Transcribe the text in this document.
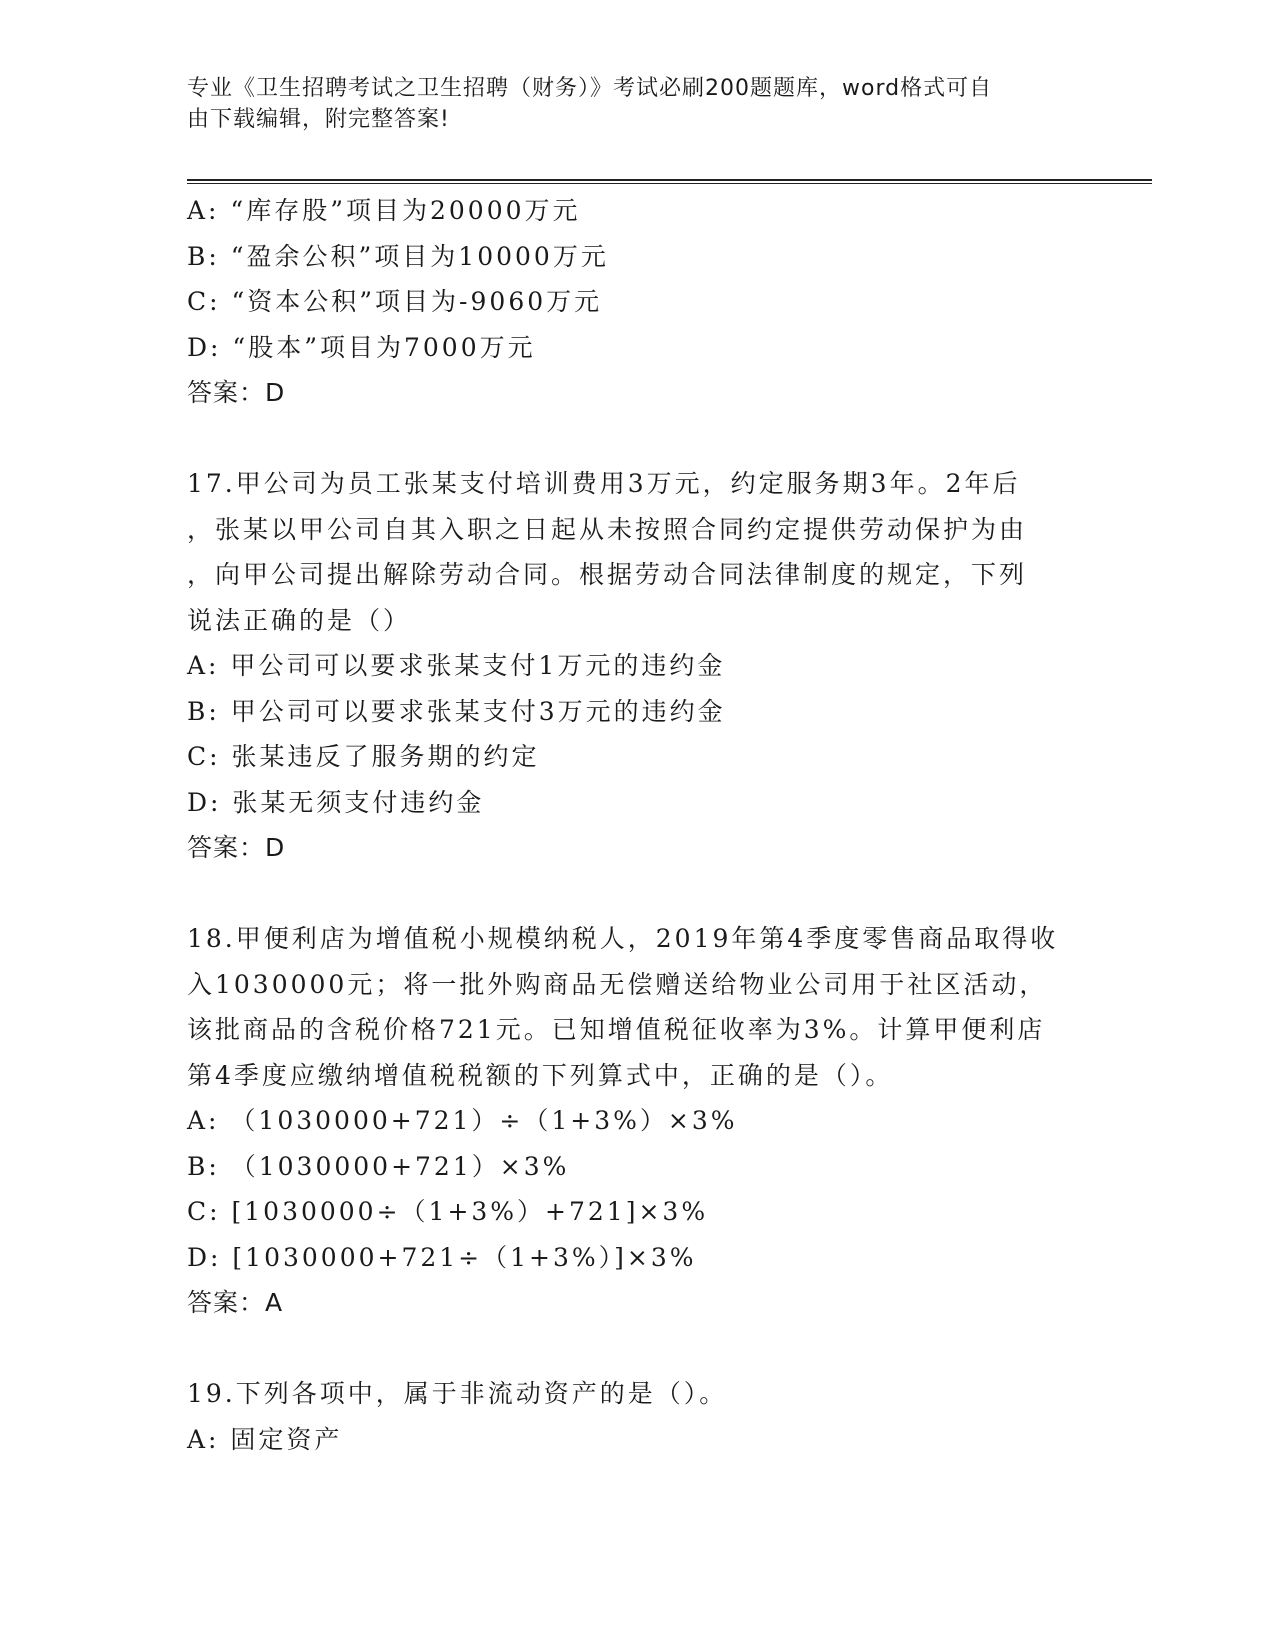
专业《卫生招聘考试之卫生招聘（财务）》考试必刷200题题库，word格式可自
由下载编辑，附完整答案!
A: “库存股”项目为20000万元
B: “盈余公积”项目为10000万元
C: “资本公积”项目为-9060万元
D: “股本”项目为7000万元
答案：D
17.甲公司为员工张某支付培训费用3万元，约定服务期3年。2年后
，张某以甲公司自其入职之日起从未按照合同约定提供劳动保护为由
，向甲公司提出解除劳动合同。根据劳动合同法律制度的规定，下列
说法正确的是（）
A: 甲公司可以要求张某支付1万元的违约金
B: 甲公司可以要求张某支付3万元的违约金
C: 张某违反了服务期的约定
D: 张某无须支付违约金
答案：D
18.甲便利店为增值税小规模纳税人，2019年第4季度零售商品取得收
入1030000元；将一批外购商品无偿赠送给物业公司用于社区活动，
该批商品的含税价格721元。已知增值税征收率为3%。计算甲便利店
第4季度应缴纳增值税税额的下列算式中，正确的是（）。
A: （1030000+721）÷（1+3%）×3%
B: （1030000+721）×3%
C: [1030000÷（1+3%）+721]×3%
D: [1030000+721÷（1+3%）]×3%
答案：A
19.下列各项中，属于非流动资产的是（）。
A: 固定资产
